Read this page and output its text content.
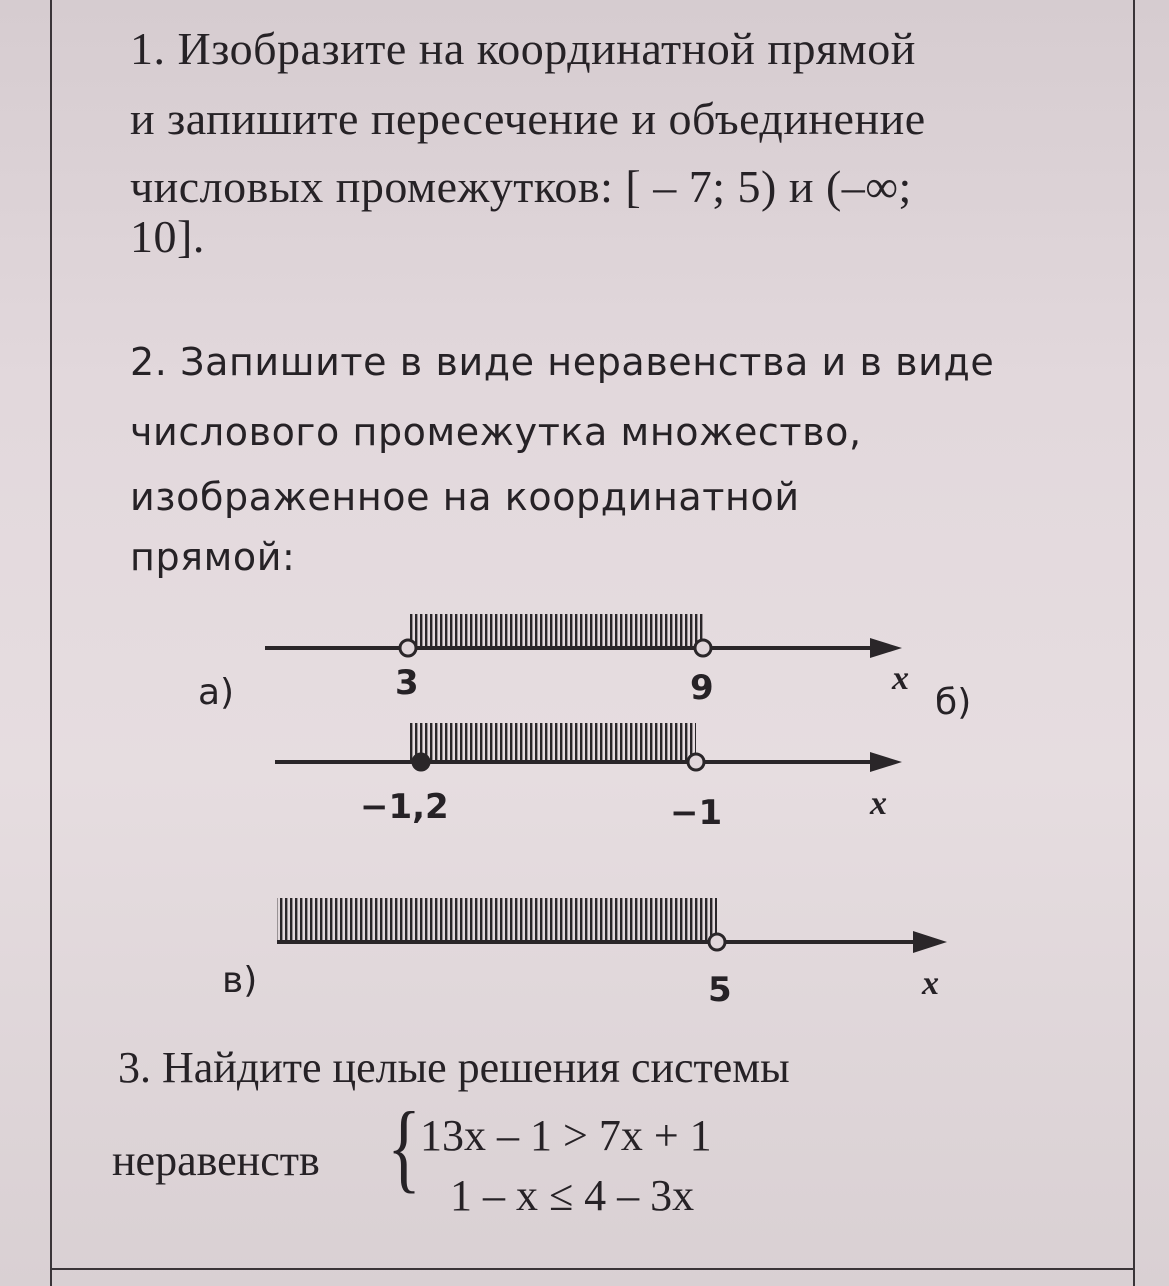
1. Изобразите на координатной прямой

и запишите пересечение и объединение

числовых промежутков: [ – 7; 5) и (–∞;

10].

2. Запишите в виде неравенства и в виде

числового промежутка множество,

изображенное на координатной

прямой:

а)	б)
в)
3	9	x
−1,2	−1	x
5	x

3. Найдите целые решения системы

неравенств { 13x – 1 > 7x + 1

1 – x ≤ 4 – 3x
